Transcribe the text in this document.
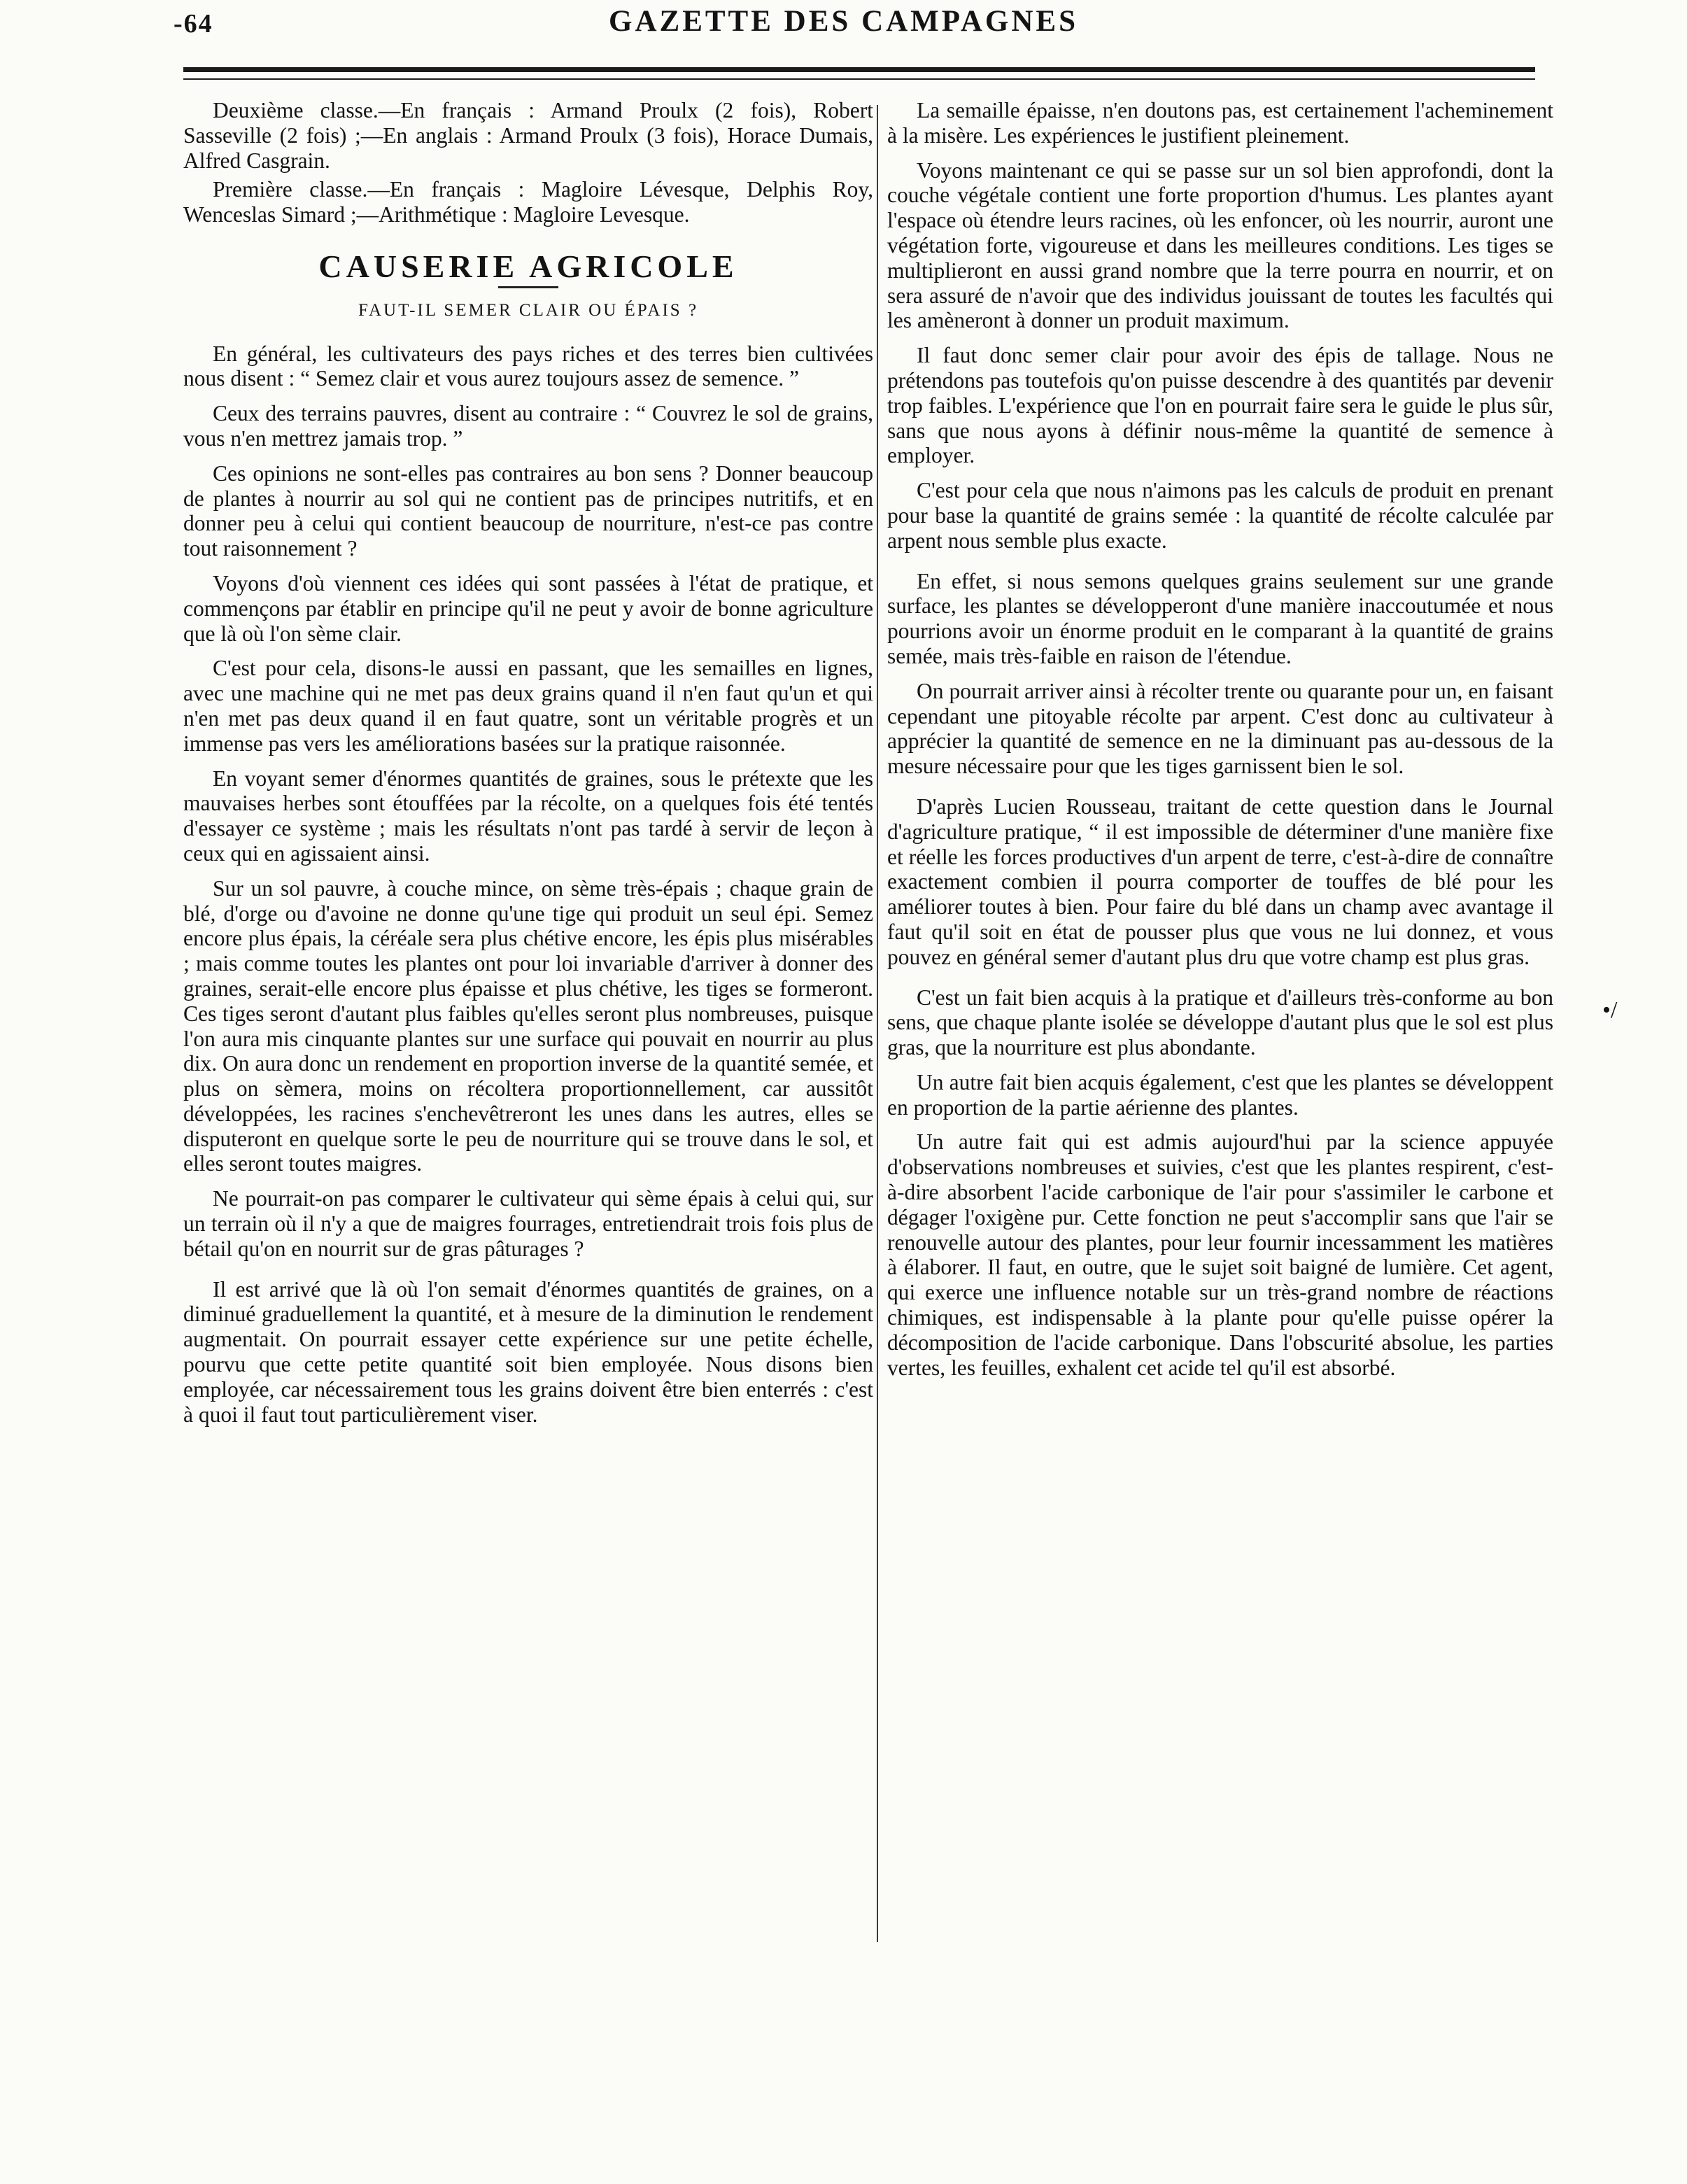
-64	GAZETTE DES CAMPAGNES

Deuxième classe.—En français : Armand Proulx (2 fois), Robert Sasseville (2 fois) ;—En anglais : Armand Proulx (3 fois), Horace Dumais, Alfred Casgrain.

Première classe.—En français : Magloire Lévesque, Delphis Roy, Wenceslas Simard ;—Arithmétique : Magloire Levesque.

CAUSERIE AGRICOLE
FAUT-IL SEMER CLAIR OU ÉPAIS ?

En général, les cultivateurs des pays riches et des terres bien cultivées nous disent : “ Semez clair et vous aurez toujours assez de semence. ”

Ceux des terrains pauvres, disent au contraire : “ Couvrez le sol de grains, vous n'en mettrez jamais trop. ”

Ces opinions ne sont-elles pas contraires au bon sens ? Donner beaucoup de plantes à nourrir au sol qui ne contient pas de principes nutritifs, et en donner peu à celui qui contient beaucoup de nourriture, n'est-ce pas contre tout raisonnement ?

Voyons d'où viennent ces idées qui sont passées à l'état de pratique, et commençons par établir en principe qu'il ne peut y avoir de bonne agriculture que là où l'on sème clair.

C'est pour cela, disons-le aussi en passant, que les semailles en lignes, avec une machine qui ne met pas deux grains quand il n'en faut qu'un et qui n'en met pas deux quand il en faut quatre, sont un véritable progrès et un immense pas vers les améliorations basées sur la pratique raisonnée.

En voyant semer d'énormes quantités de graines, sous le prétexte que les mauvaises herbes sont étouffées par la récolte, on a quelques fois été tentés d'essayer ce système ; mais les résultats n'ont pas tardé à servir de leçon à ceux qui en agissaient ainsi.

Sur un sol pauvre, à couche mince, on sème très-épais ; chaque grain de blé, d'orge ou d'avoine ne donne qu'une tige qui produit un seul épi. Semez encore plus épais, la céréale sera plus chétive encore, les épis plus misérables ; mais comme toutes les plantes ont pour loi invariable d'arriver à donner des graines, serait-elle encore plus épaisse et plus chétive, les tiges se formeront. Ces tiges seront d'autant plus faibles qu'elles seront plus nombreuses, puisque l'on aura mis cinquante plantes sur une surface qui pouvait en nourrir au plus dix. On aura donc un rendement en proportion inverse de la quantité semée, et plus on sèmera, moins on récoltera proportionnellement, car aussitôt développées, les racines s'enchevêtreront les unes dans les autres, elles se disputeront en quelque sorte le peu de nourriture qui se trouve dans le sol, et elles seront toutes maigres.

Ne pourrait-on pas comparer le cultivateur qui sème épais à celui qui, sur un terrain où il n'y a que de maigres fourrages, entretiendrait trois fois plus de bétail qu'on en nourrit sur de gras pâturages ?

Il est arrivé que là où l'on semait d'énormes quantités de graines, on a diminué graduellement la quantité, et à mesure de la diminution le rendement augmentait. On pourrait essayer cette expérience sur une petite échelle, pourvu que cette petite quantité soit bien employée. Nous disons bien employée, car nécessairement tous les grains doivent être bien enterrés : c'est à quoi il faut tout particulièrement viser.

La semaille épaisse, n'en doutons pas, est certainement l'acheminement à la misère. Les expériences le justifient pleinement.

Voyons maintenant ce qui se passe sur un sol bien approfondi, dont la couche végétale contient une forte proportion d'humus. Les plantes ayant l'espace où étendre leurs racines, où les enfoncer, où les nourrir, auront une végétation forte, vigoureuse et dans les meilleures conditions. Les tiges se multiplieront en aussi grand nombre que la terre pourra en nourrir, et on sera assuré de n'avoir que des individus jouissant de toutes les facultés qui les amèneront à donner un produit maximum.

Il faut donc semer clair pour avoir des épis de tallage. Nous ne prétendons pas toutefois qu'on puisse descendre à des quantités par devenir trop faibles. L'expérience que l'on en pourrait faire sera le guide le plus sûr, sans que nous ayons à définir nous-même la quantité de semence à employer.

C'est pour cela que nous n'aimons pas les calculs de produit en prenant pour base la quantité de grains semée : la quantité de récolte calculée par arpent nous semble plus exacte.

En effet, si nous semons quelques grains seulement sur une grande surface, les plantes se développeront d'une manière inaccoutumée et nous pourrions avoir un énorme produit en le comparant à la quantité de grains semée, mais très-faible en raison de l'étendue.

On pourrait arriver ainsi à récolter trente ou quarante pour un, en faisant cependant une pitoyable récolte par arpent. C'est donc au cultivateur à apprécier la quantité de semence en ne la diminuant pas au-dessous de la mesure nécessaire pour que les tiges garnissent bien le sol.

D'après Lucien Rousseau, traitant de cette question dans le Journal d'agriculture pratique, “ il est impossible de déterminer d'une manière fixe et réelle les forces productives d'un arpent de terre, c'est-à-dire de connaître exactement combien il pourra comporter de touffes de blé pour les améliorer toutes à bien. Pour faire du blé dans un champ avec avantage il faut qu'il soit en état de pousser plus que vous ne lui donnez, et vous pouvez en général semer d'autant plus dru que votre champ est plus gras.

C'est un fait bien acquis à la pratique et d'ailleurs très-conforme au bon sens, que chaque plante isolée se développe d'autant plus que le sol est plus gras, que la nourriture est plus abondante.

Un autre fait bien acquis également, c'est que les plantes se développent en proportion de la partie aérienne des plantes.

Un autre fait qui est admis aujourd'hui par la science appuyée d'observations nombreuses et suivies, c'est que les plantes respirent, c'est-à-dire absorbent l'acide carbonique de l'air pour s'assimiler le carbone et dégager l'oxigène pur. Cette fonction ne peut s'accomplir sans que l'air se renouvelle autour des plantes, pour leur fournir incessamment les matières à élaborer. Il faut, en outre, que le sujet soit baigné de lumière. Cet agent, qui exerce une influence notable sur un très-grand nombre de réactions chimiques, est indispensable à la plante pour qu'elle puisse opérer la décomposition de l'acide carbonique. Dans l'obscurité absolue, les parties vertes, les feuilles, exhalent cet acide tel qu'il est absorbé.

•/
